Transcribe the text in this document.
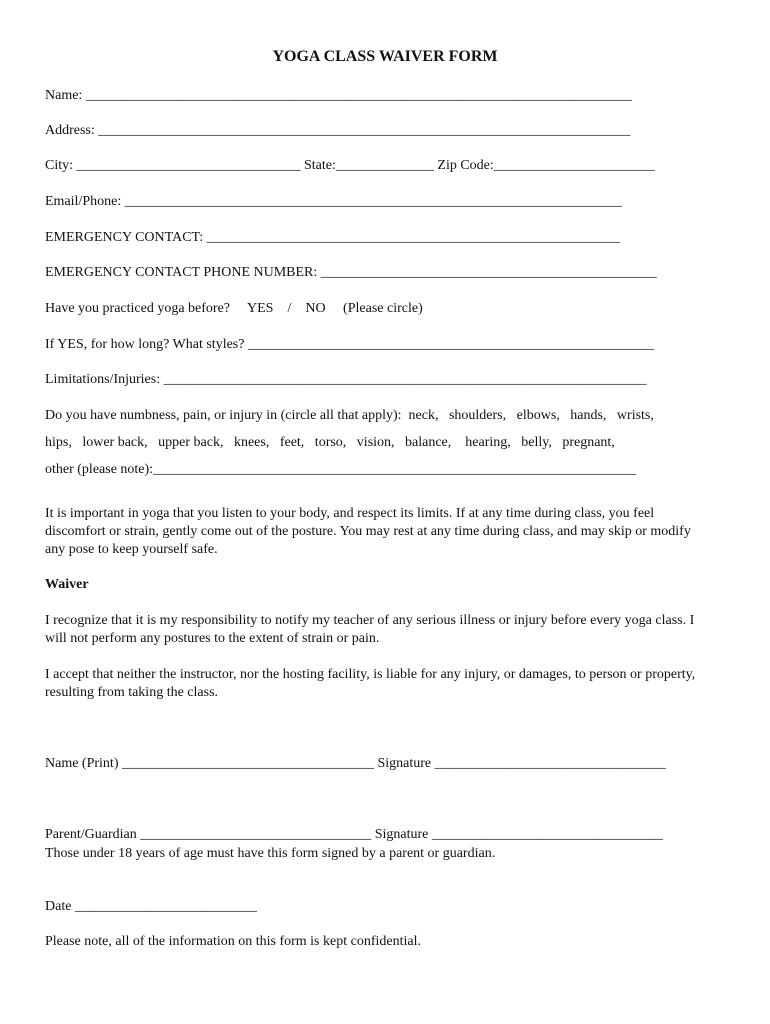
YOGA CLASS WAIVER FORM
Name: ______________________________________________________________________________
Address: ____________________________________________________________________________
City: ________________________________ State:______________ Zip Code:_______________________
Email/Phone: _______________________________________________________________________
EMERGENCY CONTACT: ___________________________________________________________
EMERGENCY CONTACT PHONE NUMBER: ________________________________________________
Have you practiced yoga before?     YES    /    NO     (Please circle)
If YES, for how long? What styles? __________________________________________________________
Limitations/Injuries: _____________________________________________________________________
Do you have numbness, pain, or injury in (circle all that apply):  neck,   shoulders,   elbows,   hands,   wrists,
hips,   lower back,   upper back,   knees,   feet,   torso,   vision,   balance,    hearing,   belly,   pregnant,
other (please note):_____________________________________________________________________
It is important in yoga that you listen to your body, and respect its limits. If at any time during class, you feel discomfort or strain, gently come out of the posture. You may rest at any time during class, and may skip or modify any pose to keep yourself safe.
Waiver
I recognize that it is my responsibility to notify my teacher of any serious illness or injury before every yoga class. I will not perform any postures to the extent of strain or pain.
I accept that neither the instructor, nor the hosting facility, is liable for any injury, or damages, to person or property, resulting from taking the class.
Name (Print) ____________________________________ Signature _________________________________
Parent/Guardian _________________________________ Signature _________________________________
Those under 18 years of age must have this form signed by a parent or guardian.
Date __________________________
Please note, all of the information on this form is kept confidential.
